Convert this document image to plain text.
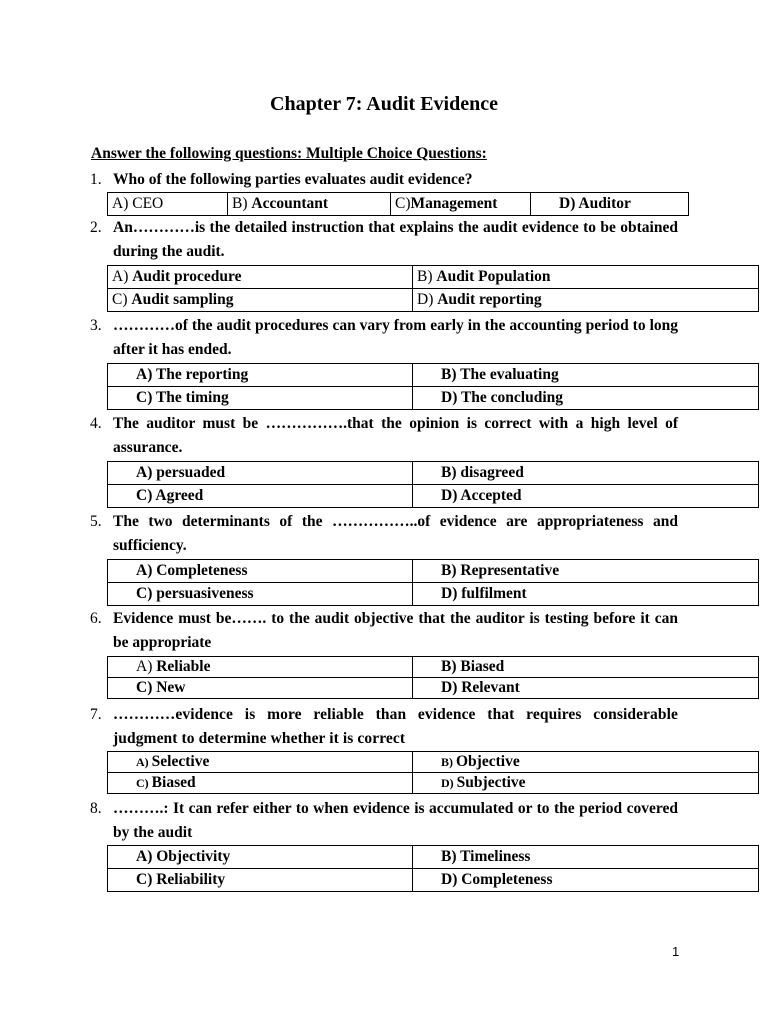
Chapter 7: Audit Evidence
Answer the following questions: Multiple Choice Questions:
1. Who of the following parties evaluates audit evidence?
A) CEO	B) Accountant	C)Management	D) Auditor
2. An…………is the detailed instruction that explains the audit evidence to be obtained during the audit.
A) Audit procedure	B) Audit Population
C) Audit sampling	D) Audit reporting
3. …………of the audit procedures can vary from early in the accounting period to long after it has ended.
A) The reporting	B) The evaluating
C) The timing	D) The concluding
4. The auditor must be …………….that the opinion is correct with a high level of assurance.
A) persuaded	B) disagreed
C) Agreed	D) Accepted
5. The two determinants of the ……………..of evidence are appropriateness and sufficiency.
A) Completeness	B) Representative
C) persuasiveness	D) fulfilment
6. Evidence must be……. to the audit objective that the auditor is testing before it can be appropriate
A) Reliable	B) Biased
C) New	D) Relevant
7. …………evidence is more reliable than evidence that requires considerable judgment to determine whether it is correct
A) Selective	B) Objective
C) Biased	D) Subjective
8. ……….: It can refer either to when evidence is accumulated or to the period covered by the audit
A) Objectivity	B) Timeliness
C) Reliability	D) Completeness
1
